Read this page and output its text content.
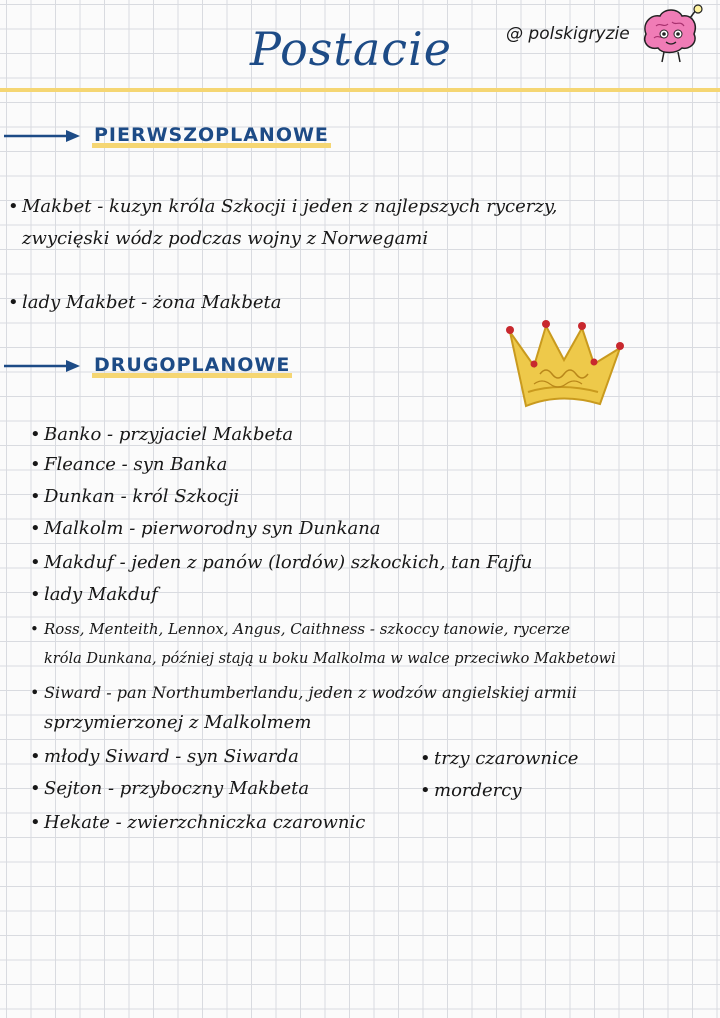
Postacie	@ polskigryzie
PIERWSZOPLANOWE
• Makbet - kuzyn króla Szkocji i jeden z najlepszych rycerzy,
zwycięski wódz podczas wojny z Norwegami
• lady Makbet - żona Makbeta
DRUGOPLANOWE
• Banko - przyjaciel Makbeta
• Fleance - syn Banka
• Dunkan - król Szkocji
• Malkolm - pierworodny syn Dunkana
• Makduf - jeden z panów (lordów) szkockich, tan Fajfu
• lady Makduf
• Ross, Menteith, Lennox, Angus, Caithness - szkoccy tanowie, rycerze
króla Dunkana, później stają u boku Malkolma w walce przeciwko Makbetowi
• Siward - pan Northumberlandu, jeden z wodzów angielskiej armii
sprzymierzonej z Malkolmem
• młody Siward - syn Siwarda
• Sejton - przyboczny Makbeta
• Hekate - zwierzchniczka czarownic
• trzy czarownice
• mordercy
